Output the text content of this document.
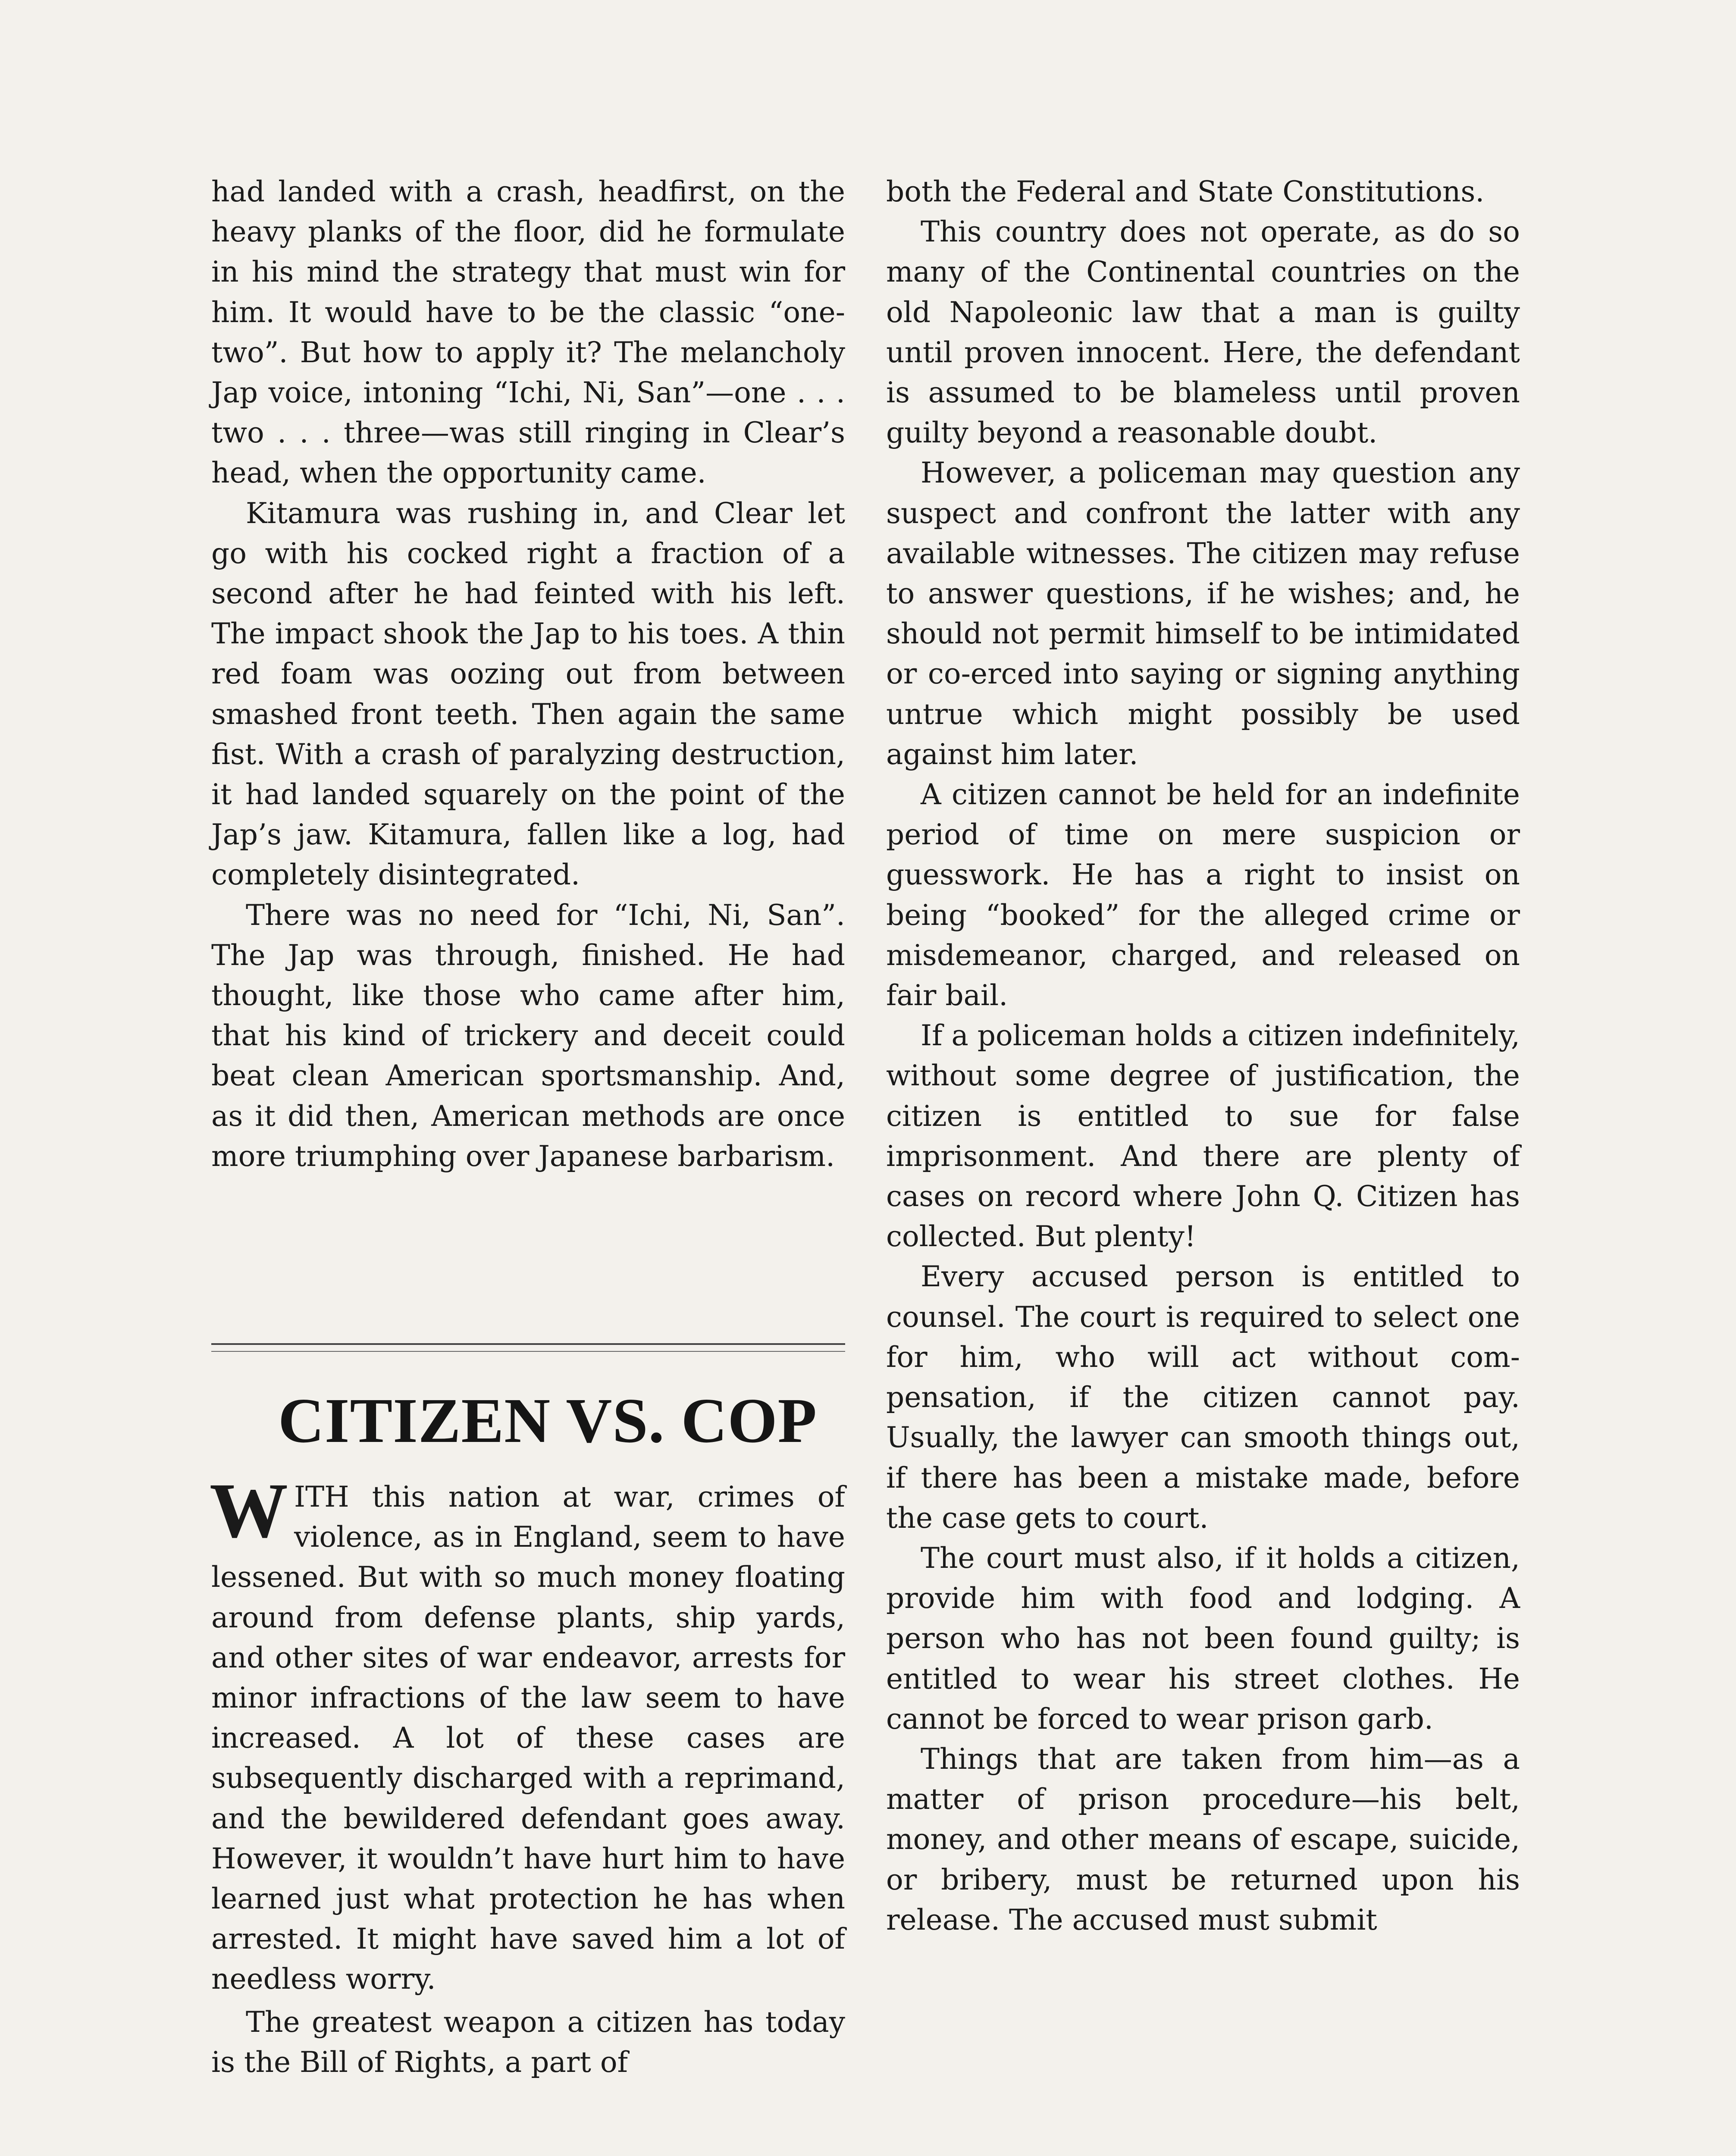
had landed with a crash, headfirst, on the heavy planks of the floor, did he formulate in his mind the strategy that must win for him. It would have to be the classic “one-two”. But how to apply it? The melancholy Jap voice, intoning “Ichi, Ni, San”—one . . . two . . . three—was still ringing in Clear’s head, when the opportunity came.

Kitamura was rushing in, and Clear let go with his cocked right a fraction of a second after he had feinted with his left. The impact shook the Jap to his toes. A thin red foam was oozing out from between smashed front teeth. Then again the same fist. With a crash of paralyzing destruction, it had landed squarely on the point of the Jap’s jaw. Kitamura, fallen like a log, had completely disintegrated.

There was no need for “Ichi, Ni, San”. The Jap was through, finished. He had thought, like those who came after him, that his kind of trickery and deceit could beat clean American sportsmanship. And, as it did then, American methods are once more triumphing over Japanese barbarism.

CITIZEN VS. COP

WITH this nation at war, crimes of violence, as in England, seem to have lessened. But with so much money floating around from defense plants, ship yards, and other sites of war endeavor, arrests for minor infractions of the law seem to have increased. A lot of these cases are subsequently discharged with a reprimand, and the bewildered defendant goes away. However, it wouldn’t have hurt him to have learned just what protection he has when arrested. It might have saved him a lot of needless worry.

The greatest weapon a citizen has today is the Bill of Rights, a part of

both the Federal and State Constitutions.

This country does not operate, as do so many of the Continental countries on the old Napoleonic law that a man is guilty until proven innocent. Here, the defendant is assumed to be blameless until proven guilty beyond a reasonable doubt.

However, a policeman may question any suspect and confront the latter with any available witnesses. The citizen may refuse to answer questions, if he wishes; and, he should not permit himself to be intimidated or co-erced into saying or signing anything untrue which might possibly be used against him later.

A citizen cannot be held for an indefinite period of time on mere suspicion or guesswork. He has a right to insist on being “booked” for the alleged crime or misdemeanor, charged, and released on fair bail.

If a policeman holds a citizen indefinitely, without some degree of justification, the citizen is entitled to sue for false imprisonment. And there are plenty of cases on record where John Q. Citizen has collected. But plenty!

Every accused person is entitled to counsel. The court is required to select one for him, who will act without compensation, if the citizen cannot pay. Usually, the lawyer can smooth things out, if there has been a mistake made, before the case gets to court.

The court must also, if it holds a citizen, provide him with food and lodging. A person who has not been found guilty; is entitled to wear his street clothes. He cannot be forced to wear prison garb.

Things that are taken from him—as a matter of prison procedure—his belt, money, and other means of escape, suicide, or bribery, must be returned upon his release. The accused must submit
